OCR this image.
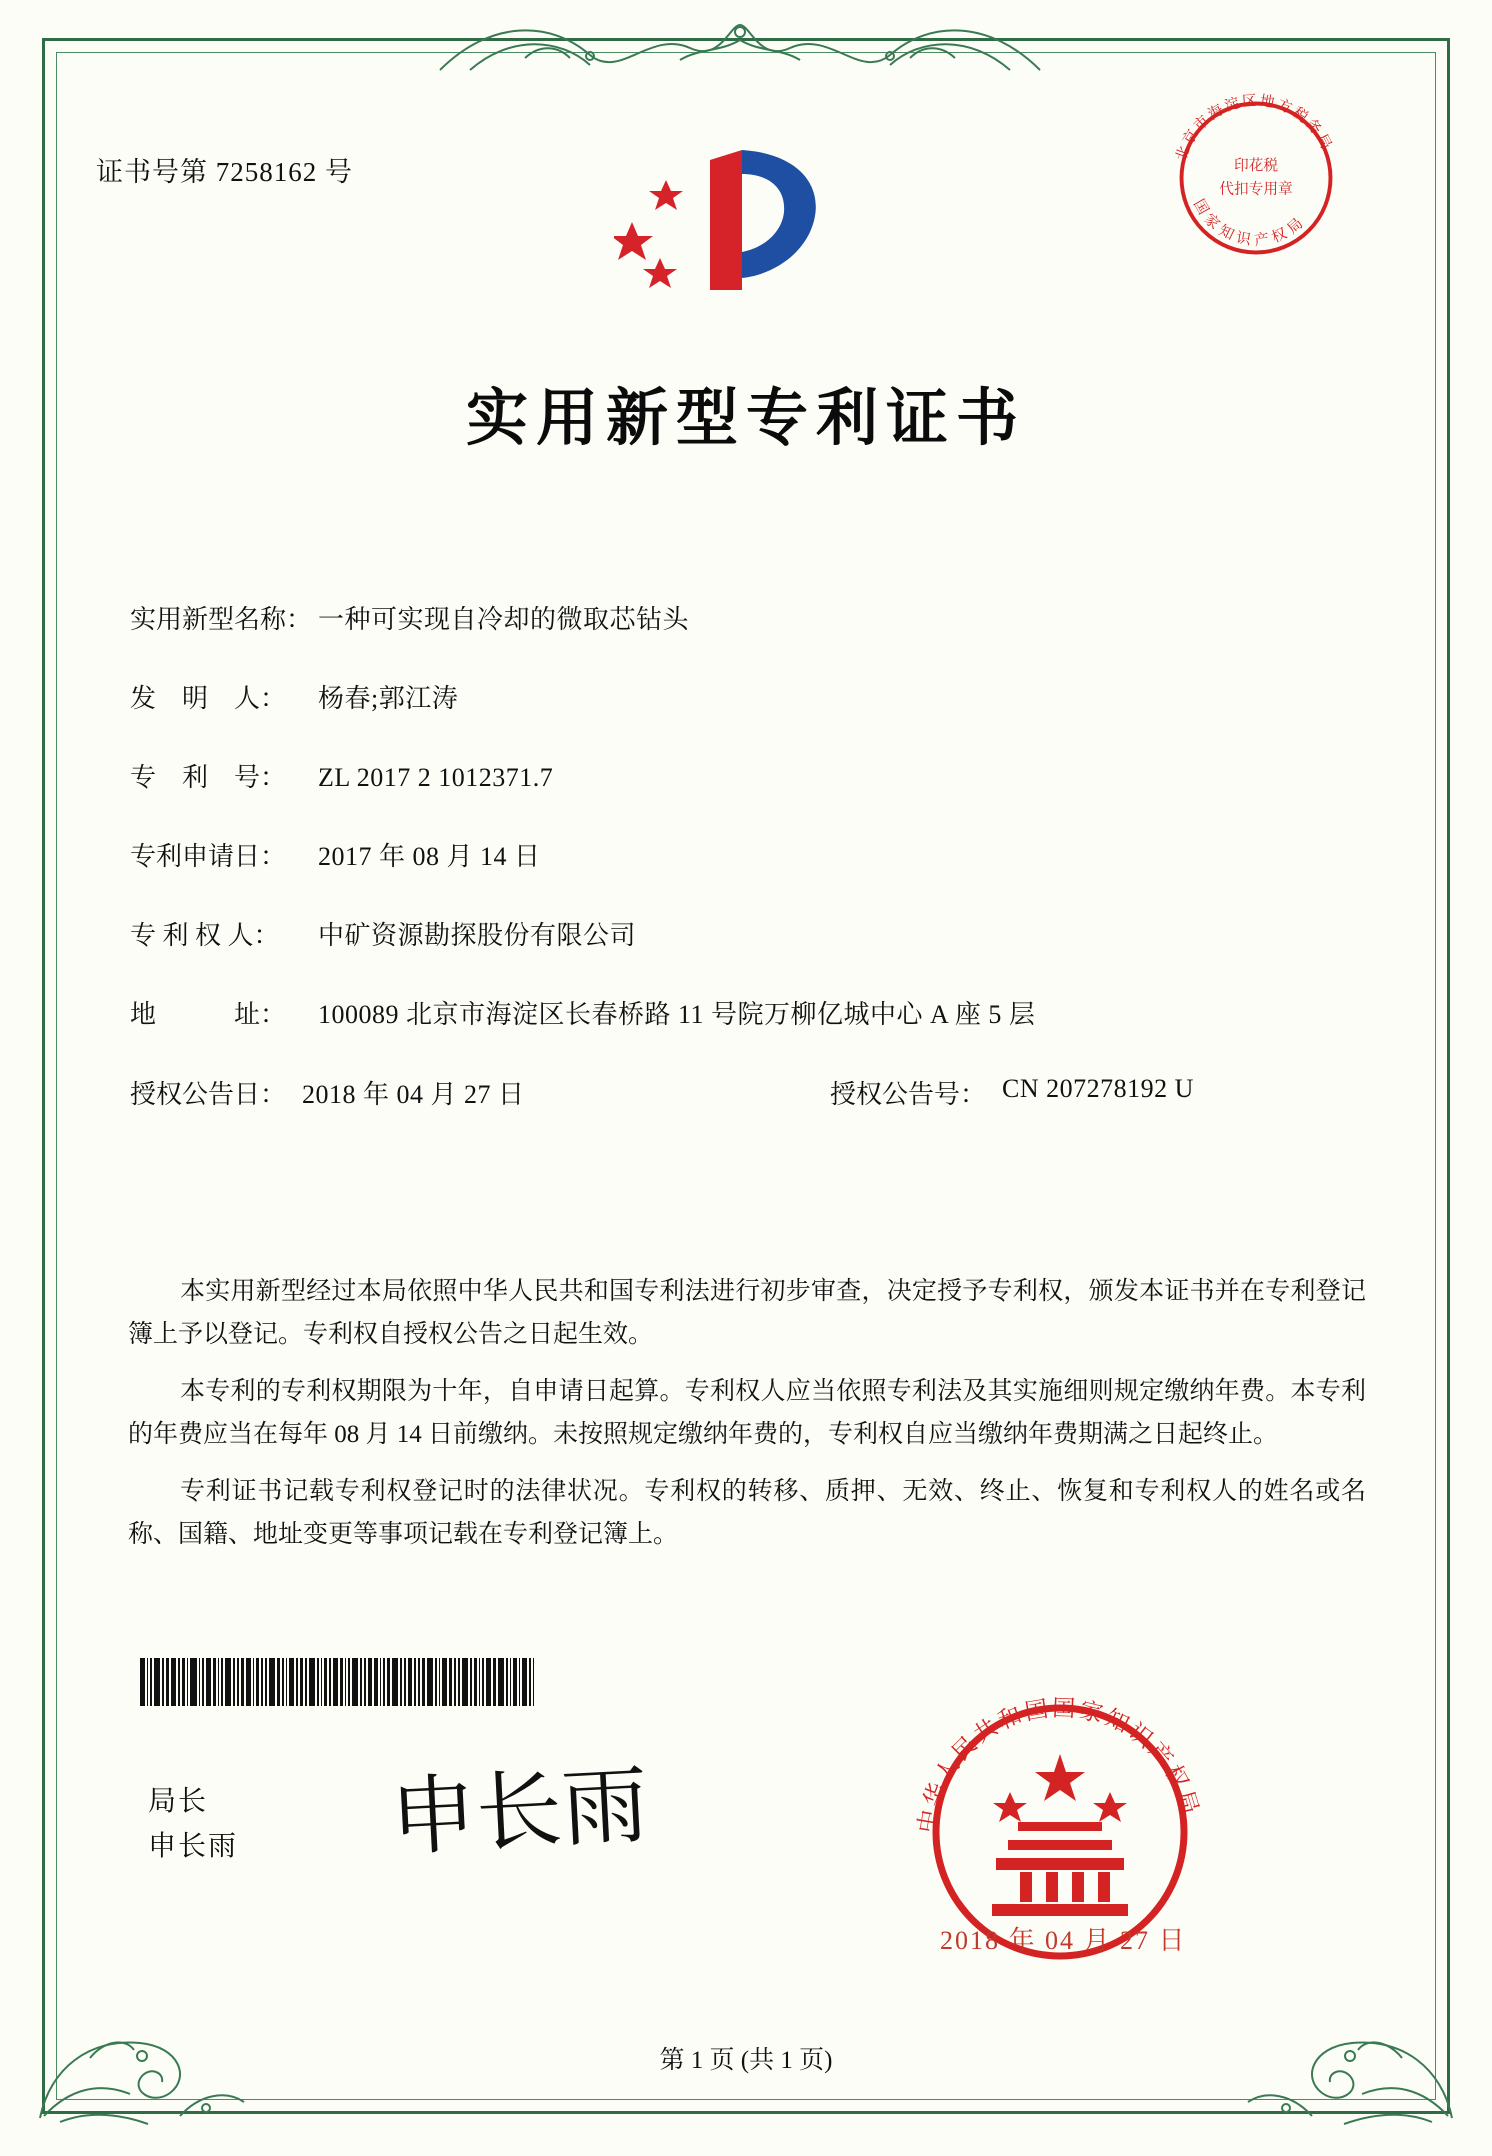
证书号第 7258162 号
北京市海淀区地方税务局
国家知识产权局
印花税
代扣专用章
实用新型专利证书
实用新型名称： 一种可实现自冷却的微取芯钻头
发　明　人：	杨春;郭江涛
专　利　号：	ZL 2017 2 1012371.7
专利申请日：	2017 年 08 月 14 日
专 利 权 人：	中矿资源勘探股份有限公司
地　　　址：	100089 北京市海淀区长春桥路 11 号院万柳亿城中心 A 座 5 层
授权公告日： 2018 年 04 月 27 日	授权公告号： CN 207278192 U

本实用新型经过本局依照中华人民共和国专利法进行初步审查，决定授予专利权，颁发本证书并在专利登记簿上予以登记。专利权自授权公告之日起生效。

本专利的专利权期限为十年，自申请日起算。专利权人应当依照专利法及其实施细则规定缴纳年费。本专利的年费应当在每年 08 月 14 日前缴纳。未按照规定缴纳年费的，专利权自应当缴纳年费期满之日起终止。

专利证书记载专利权登记时的法律状况。专利权的转移、质押、无效、终止、恢复和专利权人的姓名或名称、国籍、地址变更等事项记载在专利登记簿上。

局长
申长雨 申长雨	中华人民共和国国家知识产权局
2018 年 04 月 27 日
第 1 页 (共 1 页)
